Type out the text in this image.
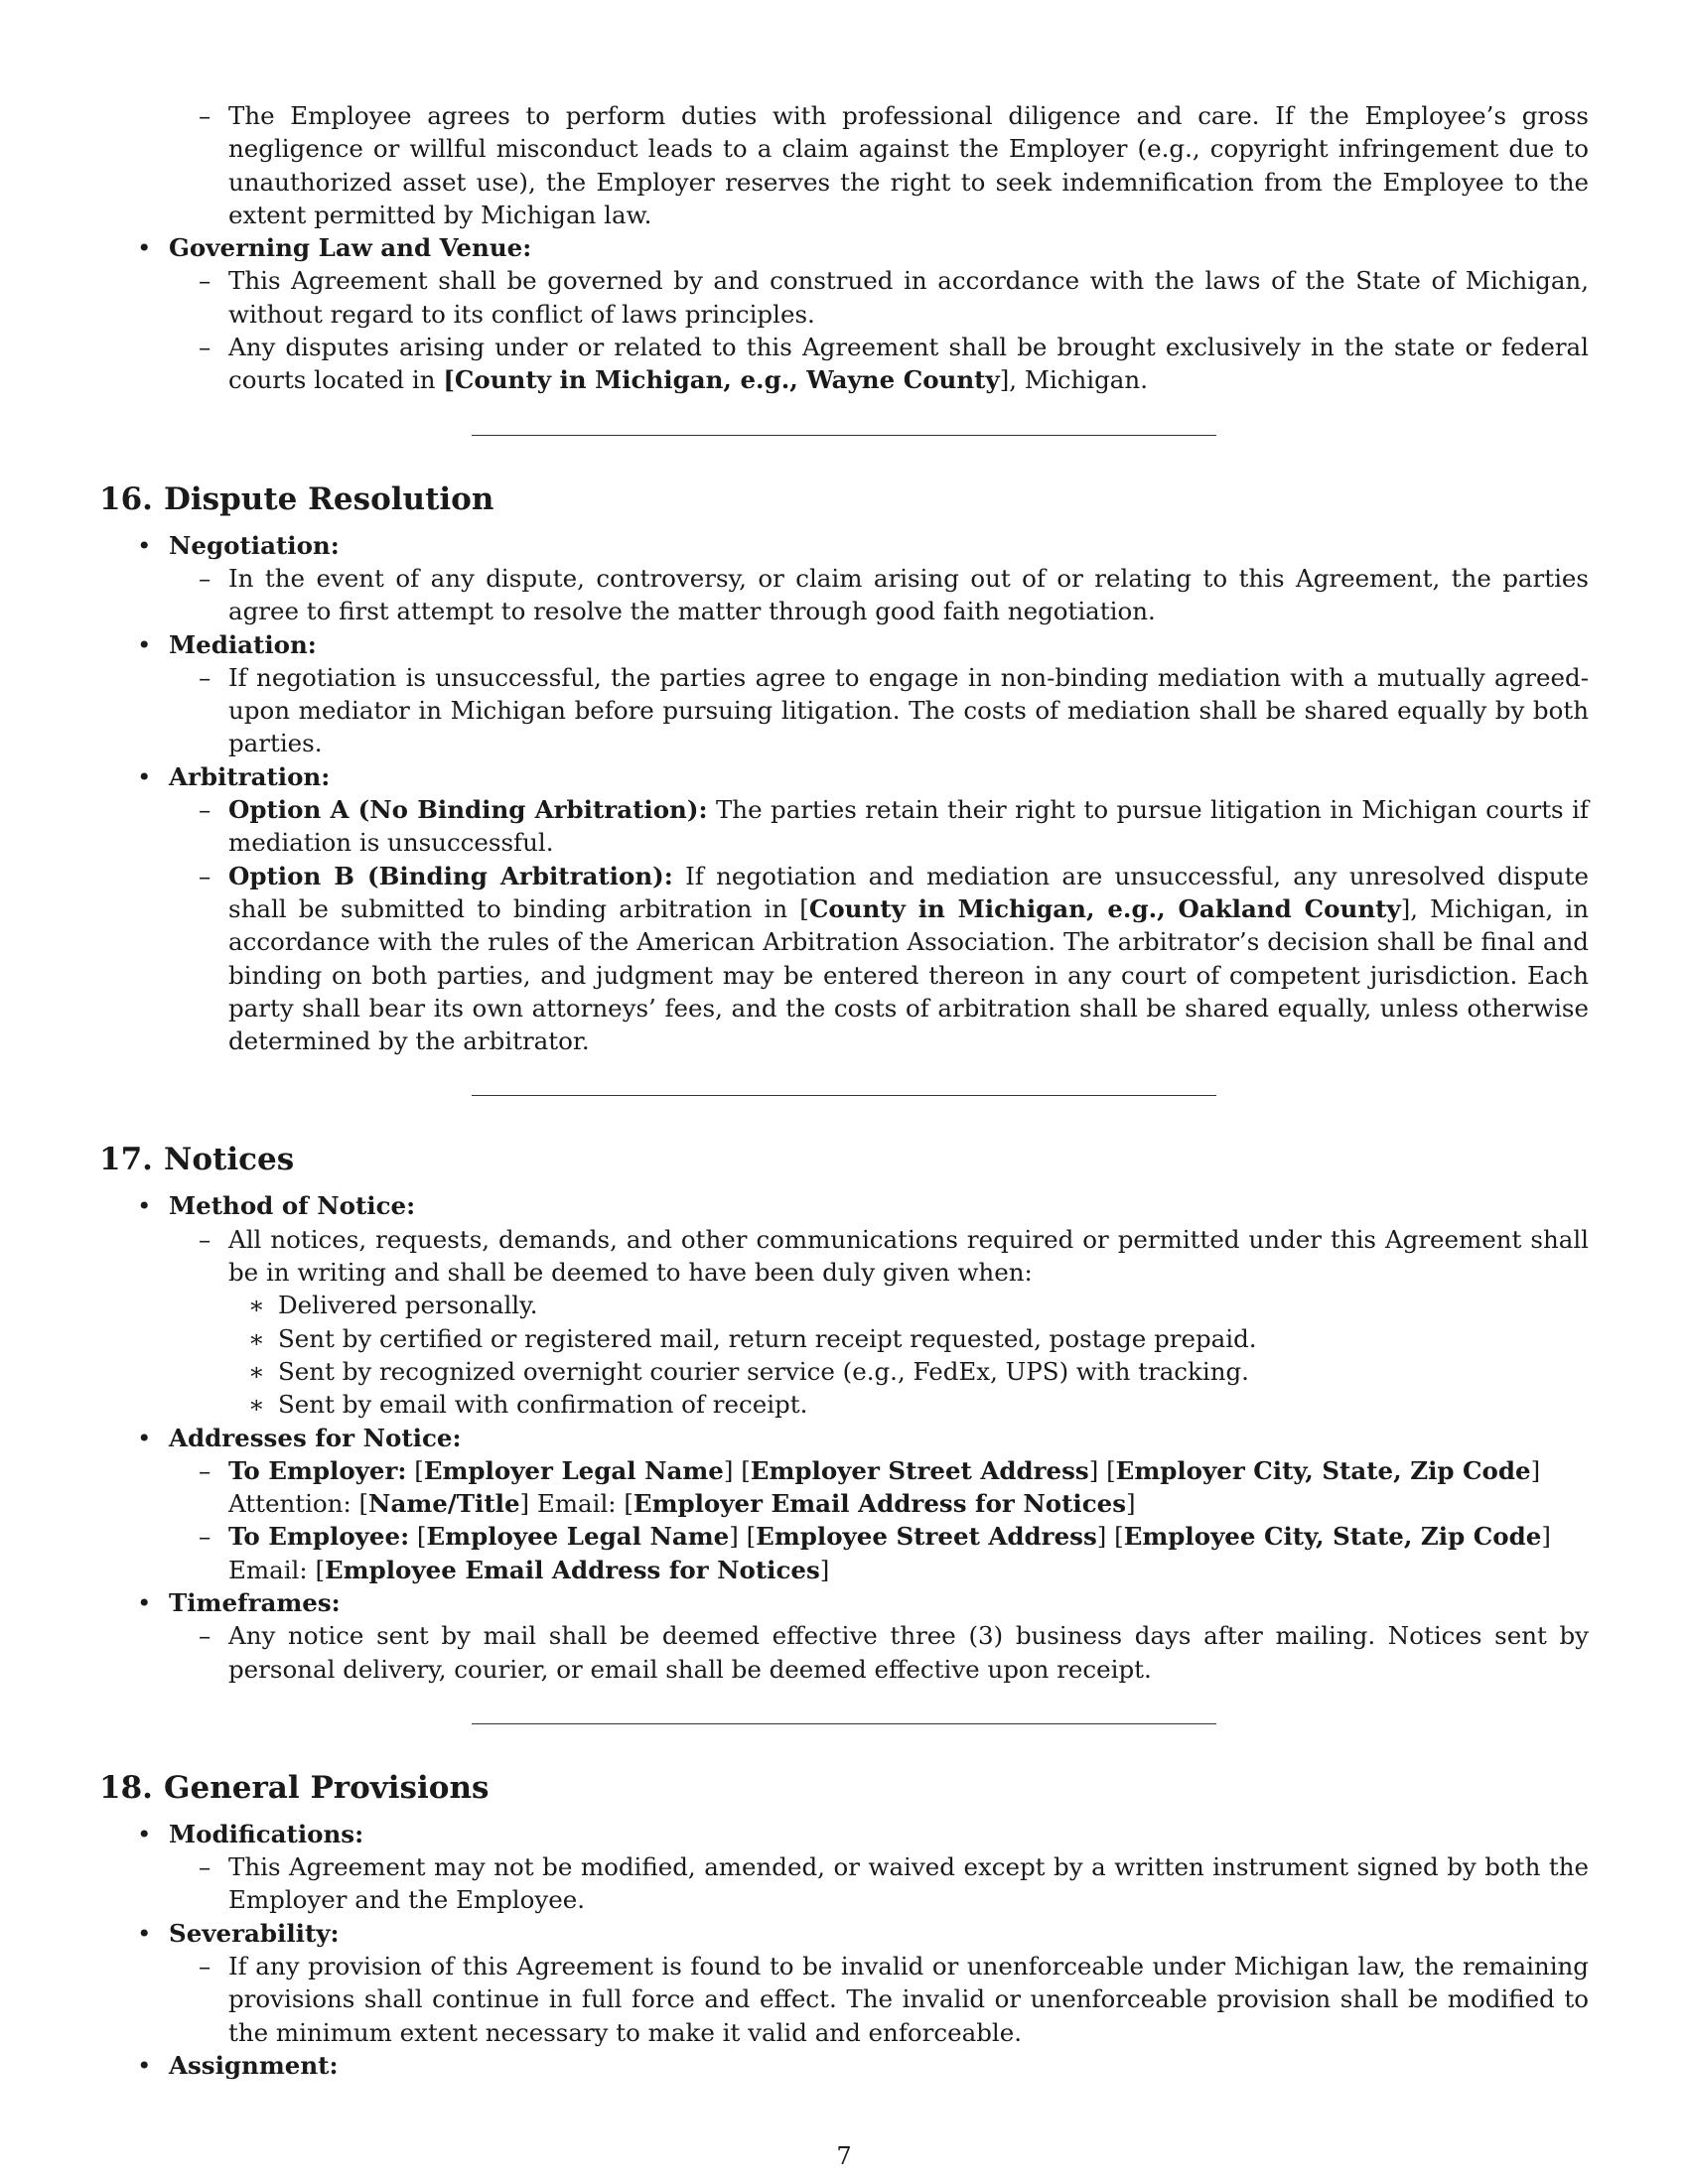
– The Employee agrees to perform duties with professional diligence and care. If the Employee’s gross negligence or willful misconduct leads to a claim against the Employer (e.g., copyright infringement due to unauthorized asset use), the Employer reserves the right to seek indemnification from the Employee to the extent permitted by Michigan law.

• Governing Law and Venue:

– This Agreement shall be governed by and construed in accordance with the laws of the State of Michigan, without regard to its conflict of laws principles.

– Any disputes arising under or related to this Agreement shall be brought exclusively in the state or federal courts located in [County in Michigan, e.g., Wayne County], Michigan.

16. Dispute Resolution

• Negotiation:

– In the event of any dispute, controversy, or claim arising out of or relating to this Agreement, the parties agree to first attempt to resolve the matter through good faith negotiation.

• Mediation:

– If negotiation is unsuccessful, the parties agree to engage in non-binding mediation with a mutually agreed-upon mediator in Michigan before pursuing litigation. The costs of mediation shall be shared equally by both parties.

• Arbitration:

– Option A (No Binding Arbitration): The parties retain their right to pursue litigation in Michigan courts if mediation is unsuccessful.

– Option B (Binding Arbitration): If negotiation and mediation are unsuccessful, any unresolved dispute shall be submitted to binding arbitration in [County in Michigan, e.g., Oakland County], Michigan, in accordance with the rules of the American Arbitration Association. The arbitrator’s decision shall be final and binding on both parties, and judgment may be entered thereon in any court of competent jurisdiction. Each party shall bear its own attorneys’ fees, and the costs of arbitration shall be shared equally, unless otherwise determined by the arbitrator.

17. Notices

• Method of Notice:

– All notices, requests, demands, and other communications required or permitted under this Agreement shall be in writing and shall be deemed to have been duly given when:

∗ Delivered personally.

∗ Sent by certified or registered mail, return receipt requested, postage prepaid.

∗ Sent by recognized overnight courier service (e.g., FedEx, UPS) with tracking.

∗ Sent by email with confirmation of receipt.

• Addresses for Notice:

– To Employer: [Employer Legal Name] [Employer Street Address] [Employer City, State, Zip Code]
Attention: [Name/Title] Email: [Employer Email Address for Notices]

– To Employee: [Employee Legal Name] [Employee Street Address] [Employee City, State, Zip Code]
Email: [Employee Email Address for Notices]

• Timeframes:

– Any notice sent by mail shall be deemed effective three (3) business days after mailing. Notices sent by personal delivery, courier, or email shall be deemed effective upon receipt.

18. General Provisions

• Modifications:

– This Agreement may not be modified, amended, or waived except by a written instrument signed by both the Employer and the Employee.

• Severability:

– If any provision of this Agreement is found to be invalid or unenforceable under Michigan law, the remaining provisions shall continue in full force and effect. The invalid or unenforceable provision shall be modified to the minimum extent necessary to make it valid and enforceable.

• Assignment:

7
